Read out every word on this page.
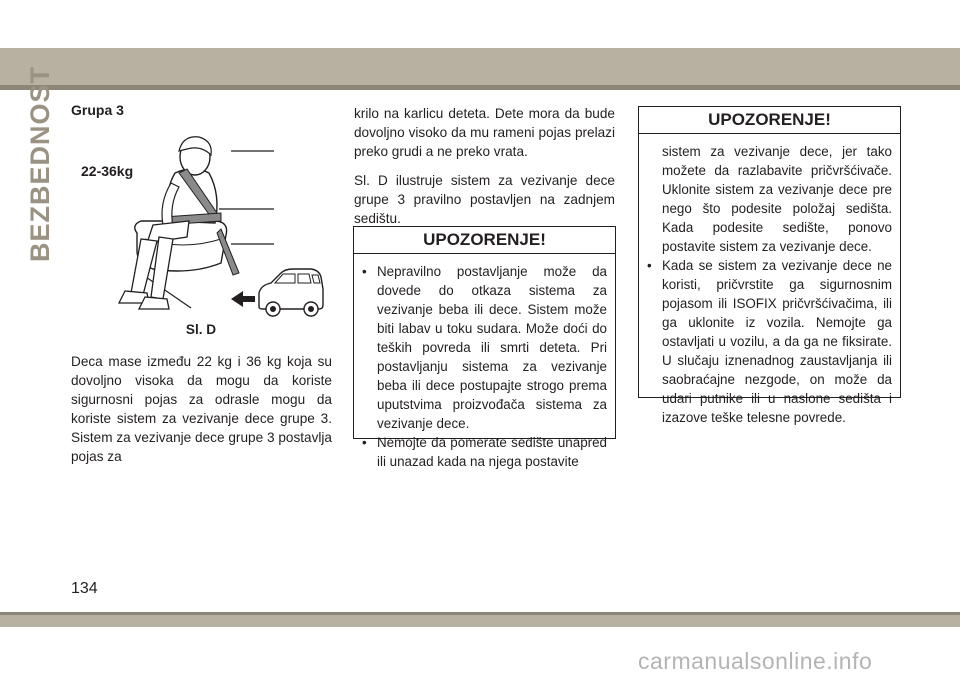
BEZBEDNOST Grupa 3
22-36kg
Sl. D

Deca mase između 22 kg i 36 kg koja su dovoljno visoka da mogu da koriste sigurnosni pojas za odrasle mogu da koriste sistem za vezivanje dece grupe 3. Sistem za vezivanje dece grupe 3 postavlja pojas za

krilo na karlicu deteta. Dete mora da bude dovoljno visoko da mu rameni pojas prelazi preko grudi a ne preko vrata.

Sl. D ilustruje sistem za vezivanje dece grupe 3 pravilno postavljen na zadnjem sedištu.

UPOZORENJE!
• Nepravilno postavljanje može da dovede do otkaza sistema za vezivanje beba ili dece. Sistem može biti labav u toku sudara. Može doći do teških povreda ili smrti deteta. Pri postavljanju sistema za vezivanje beba ili dece postupajte strogo prema uputstvima proizvođača sistema za vezivanje dece.
• Nemojte da pomerate sedište unapred ili unazad kada na njega postavite
UPOZORENJE!
sistem za vezivanje dece, jer tako možete da razlabavite pričvršćivače. Uklonite sistem za vezivanje dece pre nego što podesite položaj sedišta. Kada podesite sedište, ponovo postavite sistem za vezivanje dece.
• Kada se sistem za vezivanje dece ne koristi, pričvrstite ga sigurnosnim pojasom ili ISOFIX pričvršćivačima, ili ga uklonite iz vozila. Nemojte ga ostavljati u vozilu, a da ga ne fiksirate. U slučaju iznenadnog zaustavljanja ili saobraćajne nezgode, on može da udari putnike ili u naslone sedišta i izazove teške telesne povrede.
134
carmanualsonline.info
